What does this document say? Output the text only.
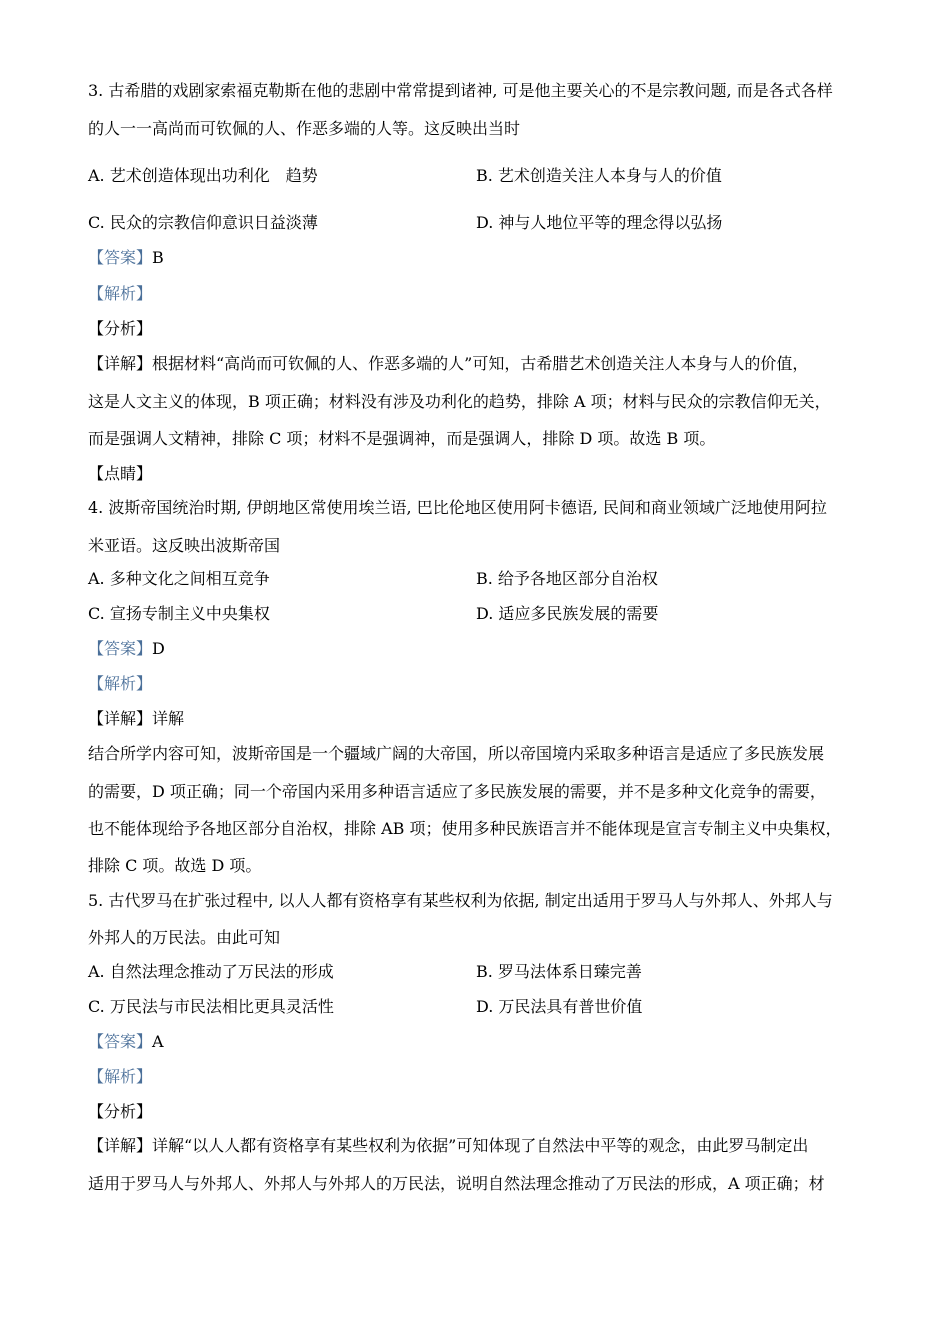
3. 古希腊的戏剧家索福克勒斯在他的悲剧中常常提到诸神, 可是他主要关心的不是宗教问题, 而是各式各样
的人一一高尚而可钦佩的人、作恶多端的人等。这反映出当时
A. 艺术创造体现出功利化　趋势	B. 艺术创造关注人本身与人的价值
C. 民众的宗教信仰意识日益淡薄	D. 神与人地位平等的理念得以弘扬
【答案】B
【解析】
【分析】
【详解】根据材料“高尚而可钦佩的人、作恶多端的人”可知，古希腊艺术创造关注人本身与人的价值，
这是人文主义的体现，B 项正确；材料没有涉及功利化的趋势，排除 A 项；材料与民众的宗教信仰无关，
而是强调人文精神，排除 C 项；材料不是强调神，而是强调人，排除 D 项。故选 B 项。
【点睛】
4. 波斯帝国统治时期, 伊朗地区常使用埃兰语, 巴比伦地区使用阿卡德语, 民间和商业领域广泛地使用阿拉
米亚语。这反映出波斯帝国
A. 多种文化之间相互竞争	B. 给予各地区部分自治权
C. 宣扬专制主义中央集权	D. 适应多民族发展的需要
【答案】D
【解析】
【详解】详解
结合所学内容可知，波斯帝国是一个疆域广阔的大帝国，所以帝国境内采取多种语言是适应了多民族发展
的需要，D 项正确；同一个帝国内采用多种语言适应了多民族发展的需要，并不是多种文化竞争的需要，
也不能体现给予各地区部分自治权，排除 AB 项；使用多种民族语言并不能体现是宣言专制主义中央集权，
排除 C 项。故选 D 项。
5. 古代罗马在扩张过程中, 以人人都有资格享有某些权利为依据, 制定出适用于罗马人与外邦人、外邦人与
外邦人的万民法。由此可知
A. 自然法理念推动了万民法的形成	B. 罗马法体系日臻完善
C. 万民法与市民法相比更具灵活性	D. 万民法具有普世价值
【答案】A
【解析】
【分析】
【详解】详解“以人人都有资格享有某些权利为依据”可知体现了自然法中平等的观念，由此罗马制定出
适用于罗马人与外邦人、外邦人与外邦人的万民法，说明自然法理念推动了万民法的形成，A 项正确；材
